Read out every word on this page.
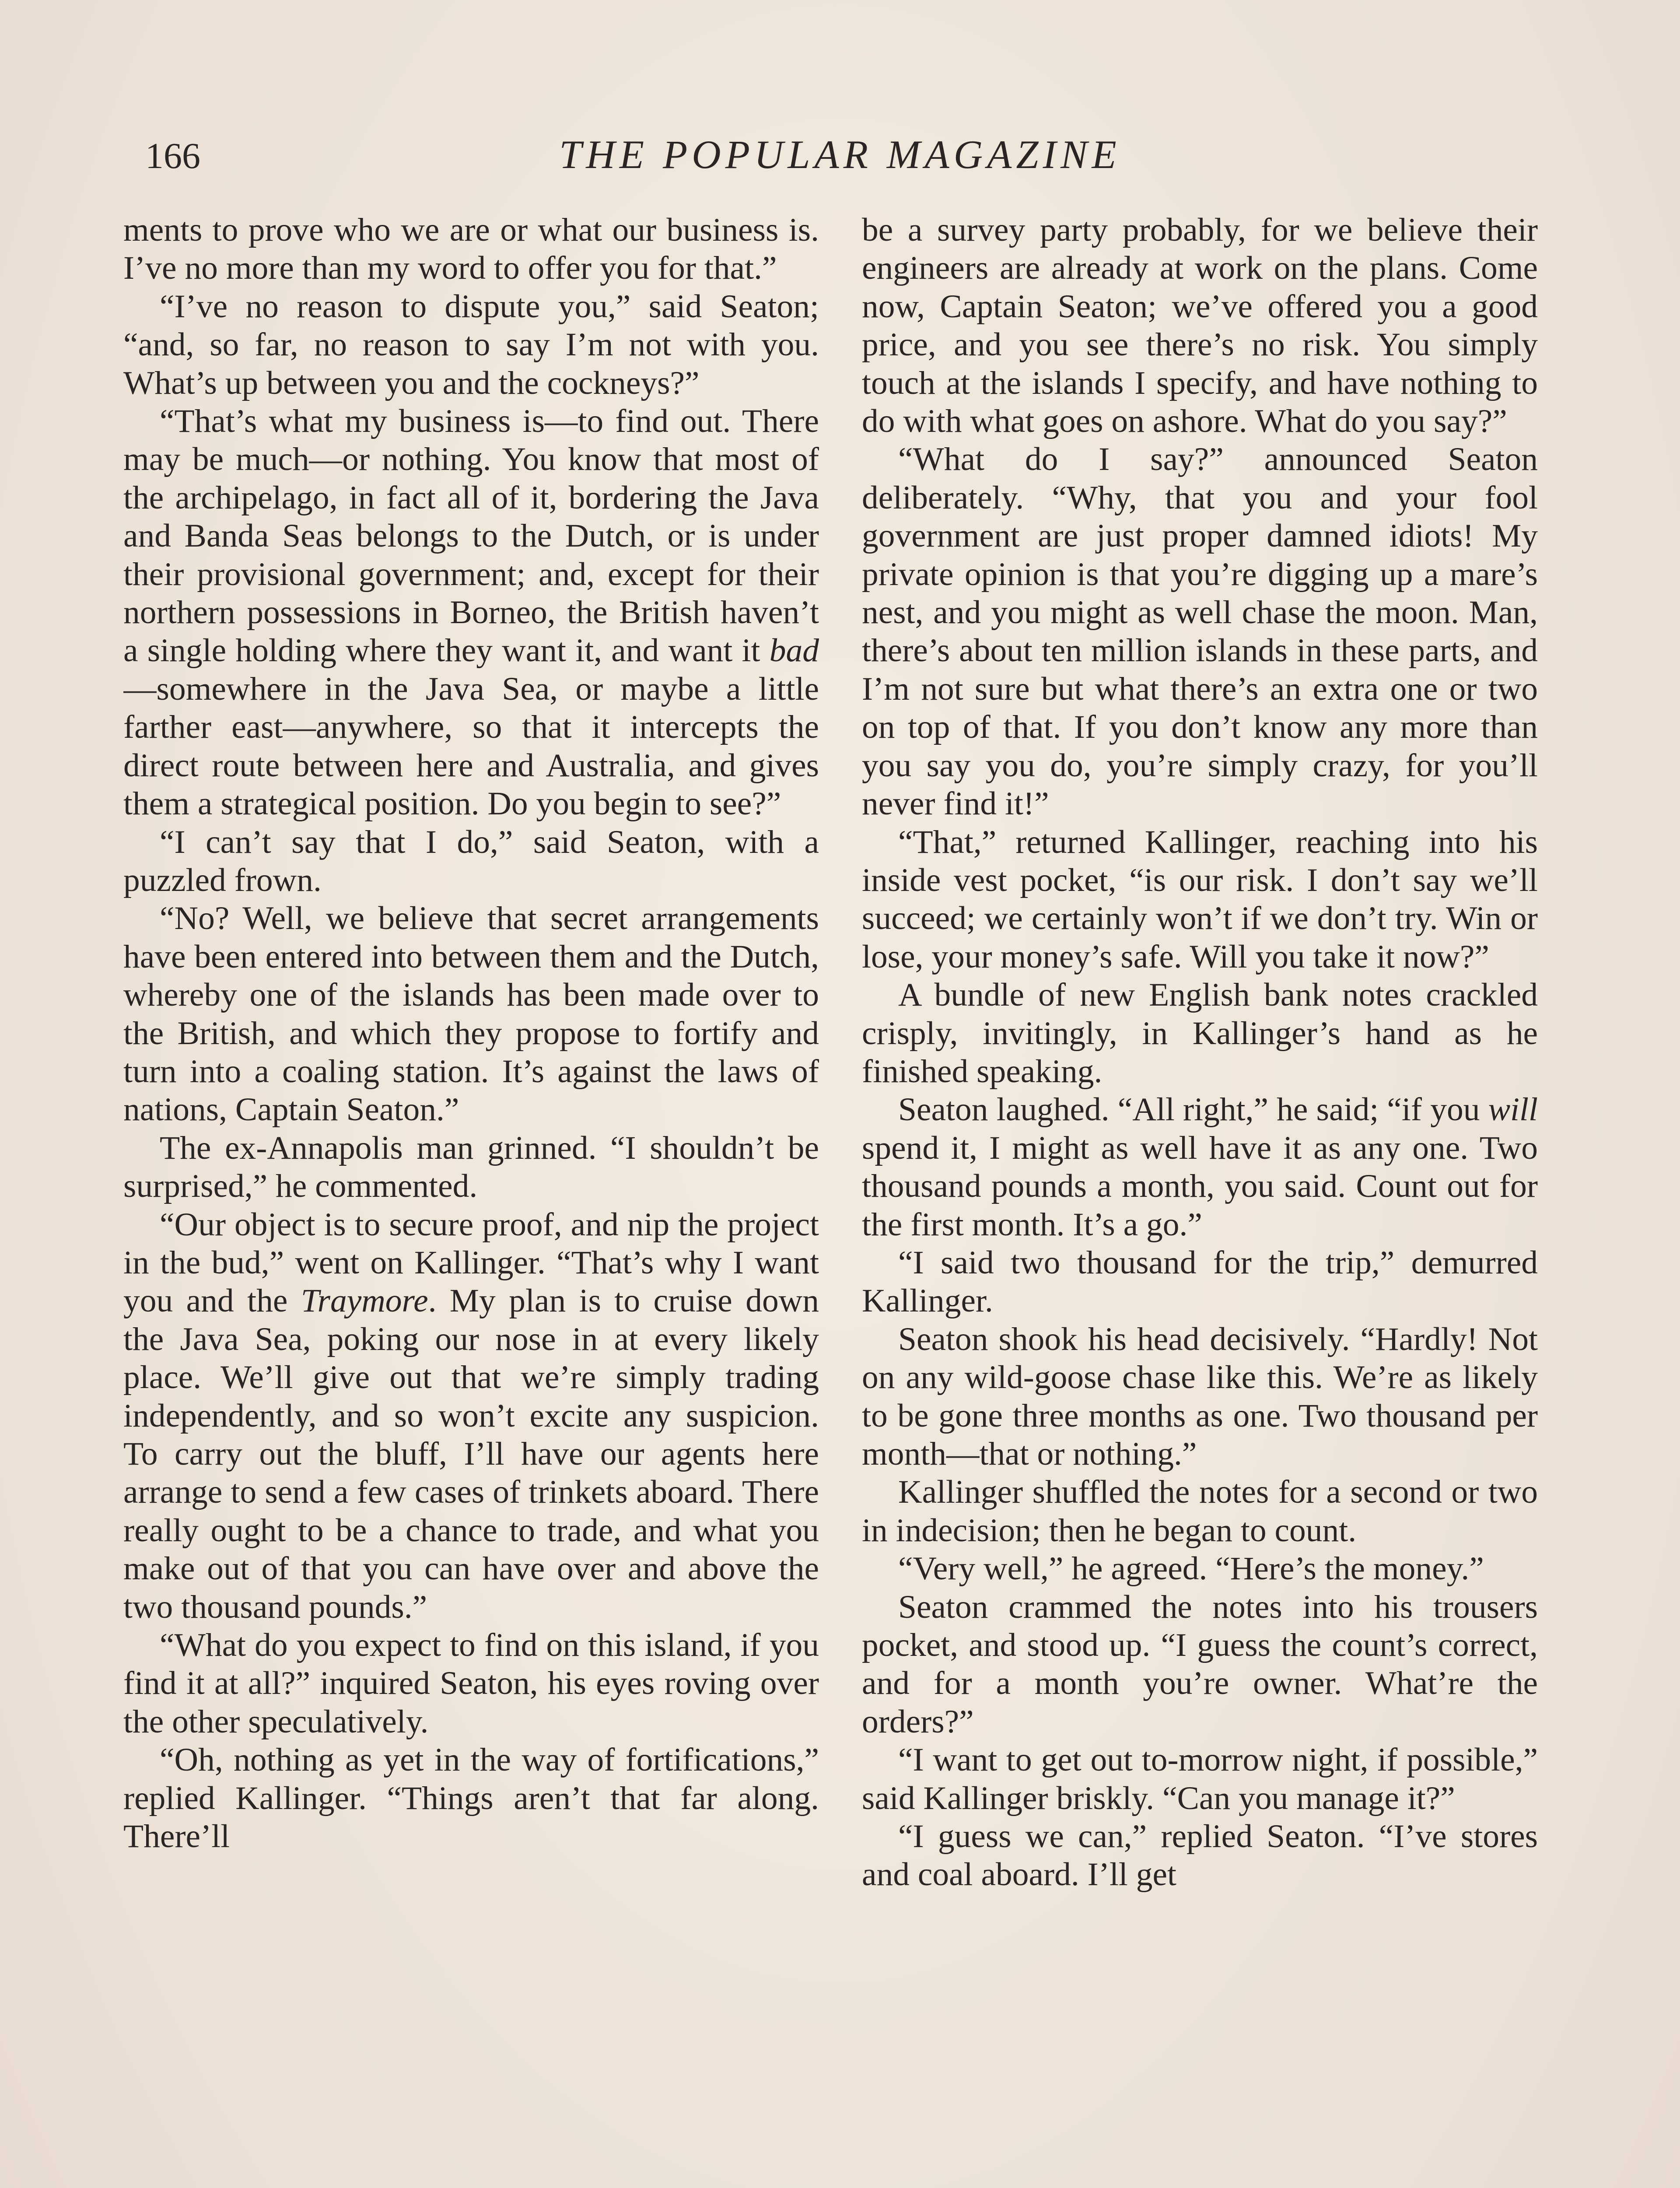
THE POPULAR MAGAZINE
166

ments to prove who we are or what our business is. I’ve no more than my word to offer you for that.”

“I’ve no reason to dispute you,” said Seaton; “and, so far, no reason to say I’m not with you. What’s up between you and the cockneys?”

“That’s what my business is—to find out. There may be much—or nothing. You know that most of the archipelago, in fact all of it, bordering the Java and Banda Seas belongs to the Dutch, or is under their provisional government; and, except for their northern possessions in Borneo, the British haven’t a single holding where they want it, and want it bad—somewhere in the Java Sea, or maybe a little farther east—anywhere, so that it intercepts the direct route between here and Australia, and gives them a strategical position. Do you begin to see?”

“I can’t say that I do,” said Seaton, with a puzzled frown.

“No? Well, we believe that secret arrangements have been entered into between them and the Dutch, whereby one of the islands has been made over to the British, and which they propose to fortify and turn into a coaling station. It’s against the laws of nations, Captain Seaton.”

The ex-Annapolis man grinned. “I shouldn’t be surprised,” he commented.

“Our object is to secure proof, and nip the project in the bud,” went on Kallinger. “That’s why I want you and the Traymore. My plan is to cruise down the Java Sea, poking our nose in at every likely place. We’ll give out that we’re simply trading independently, and so won’t excite any suspicion. To carry out the bluff, I’ll have our agents here arrange to send a few cases of trinkets aboard. There really ought to be a chance to trade, and what you make out of that you can have over and above the two thousand pounds.”

“What do you expect to find on this island, if you find it at all?” inquired Seaton, his eyes roving over the other speculatively.

“Oh, nothing as yet in the way of fortifications,” replied Kallinger. “Things aren’t that far along. There’ll

be a survey party probably, for we believe their engineers are already at work on the plans. Come now, Captain Seaton; we’ve offered you a good price, and you see there’s no risk. You simply touch at the islands I specify, and have nothing to do with what goes on ashore. What do you say?”

“What do I say?” announced Seaton deliberately. “Why, that you and your fool government are just proper damned idiots! My private opinion is that you’re digging up a mare’s nest, and you might as well chase the moon. Man, there’s about ten million islands in these parts, and I’m not sure but what there’s an extra one or two on top of that. If you don’t know any more than you say you do, you’re simply crazy, for you’ll never find it!”

“That,” returned Kallinger, reaching into his inside vest pocket, “is our risk. I don’t say we’ll succeed; we certainly won’t if we don’t try. Win or lose, your money’s safe. Will you take it now?”

A bundle of new English bank notes crackled crisply, invitingly, in Kallinger’s hand as he finished speaking.

Seaton laughed. “All right,” he said; “if you will spend it, I might as well have it as any one. Two thousand pounds a month, you said. Count out for the first month. It’s a go.”

“I said two thousand for the trip,” demurred Kallinger.

Seaton shook his head decisively. “Hardly! Not on any wild-goose chase like this. We’re as likely to be gone three months as one. Two thousand per month—that or nothing.”

Kallinger shuffled the notes for a second or two in indecision; then he began to count.

“Very well,” he agreed. “Here’s the money.”

Seaton crammed the notes into his trousers pocket, and stood up. “I guess the count’s correct, and for a month you’re owner. What’re the orders?”

“I want to get out to-morrow night, if possible,” said Kallinger briskly. “Can you manage it?”

“I guess we can,” replied Seaton. “I’ve stores and coal aboard. I’ll get
